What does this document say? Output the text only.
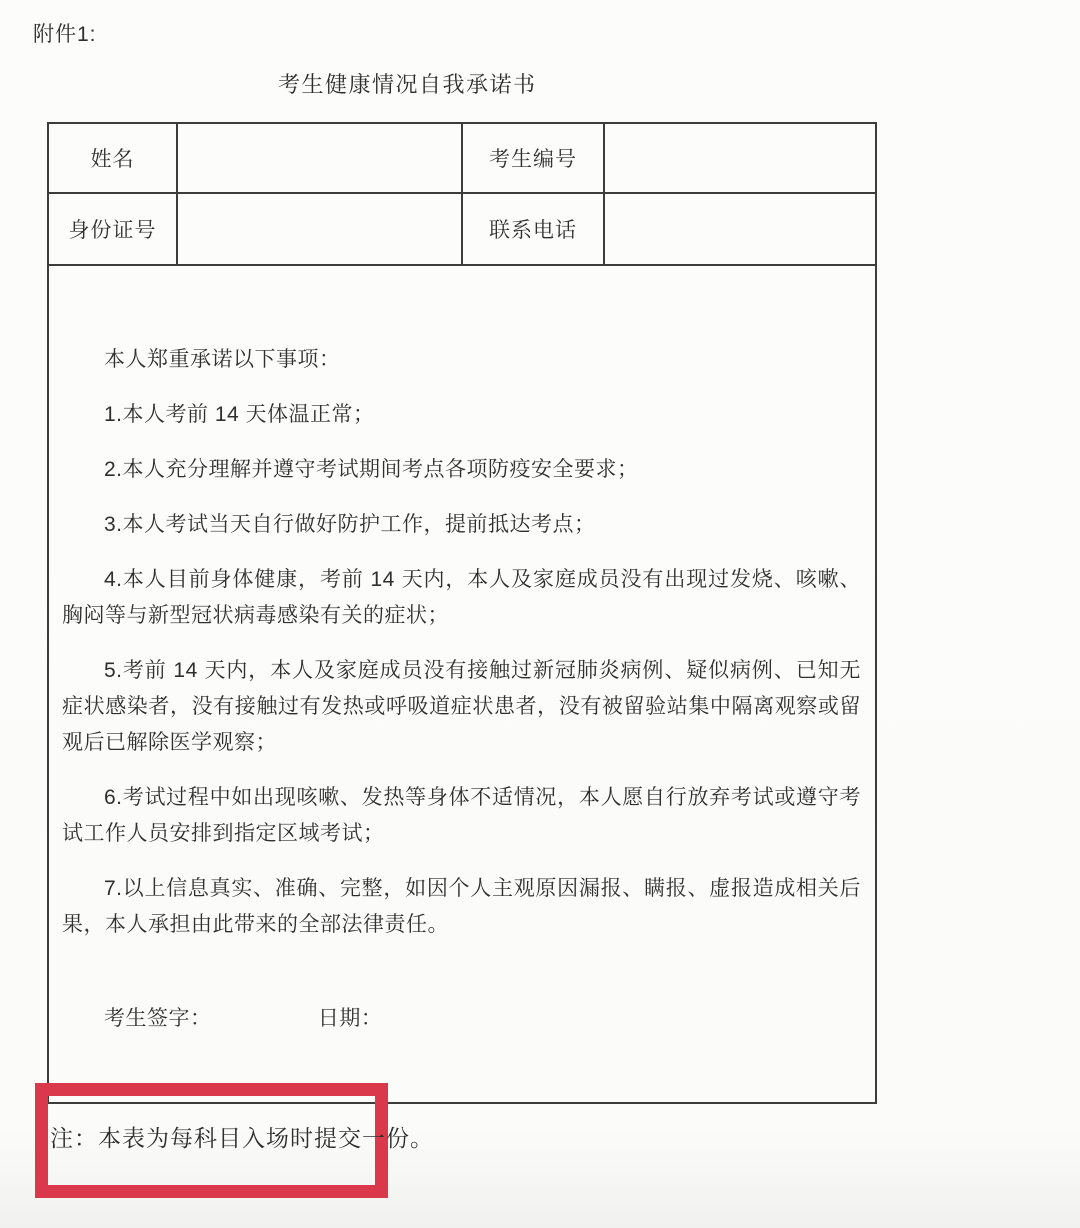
附件1:
考生健康情况自我承诺书
姓名	考生编号
身份证号	联系电话

本人郑重承诺以下事项：

1.本人考前 14 天体温正常；

2.本人充分理解并遵守考试期间考点各项防疫安全要求；

3.本人考试当天自行做好防护工作，提前抵达考点；

4.本人目前身体健康，考前 14 天内，本人及家庭成员没有出现过发烧、咳嗽、胸闷等与新型冠状病毒感染有关的症状；

5.考前 14 天内，本人及家庭成员没有接触过新冠肺炎病例、疑似病例、已知无症状感染者，没有接触过有发热或呼吸道症状患者，没有被留验站集中隔离观察或留观后已解除医学观察；

6.考试过程中如出现咳嗽、发热等身体不适情况，本人愿自行放弃考试或遵守考试工作人员安排到指定区域考试；

7.以上信息真实、准确、完整，如因个人主观原因漏报、瞒报、虚报造成相关后果，本人承担由此带来的全部法律责任。

考生签字：	日期：

注：本表为每科目入场时提交一份。
